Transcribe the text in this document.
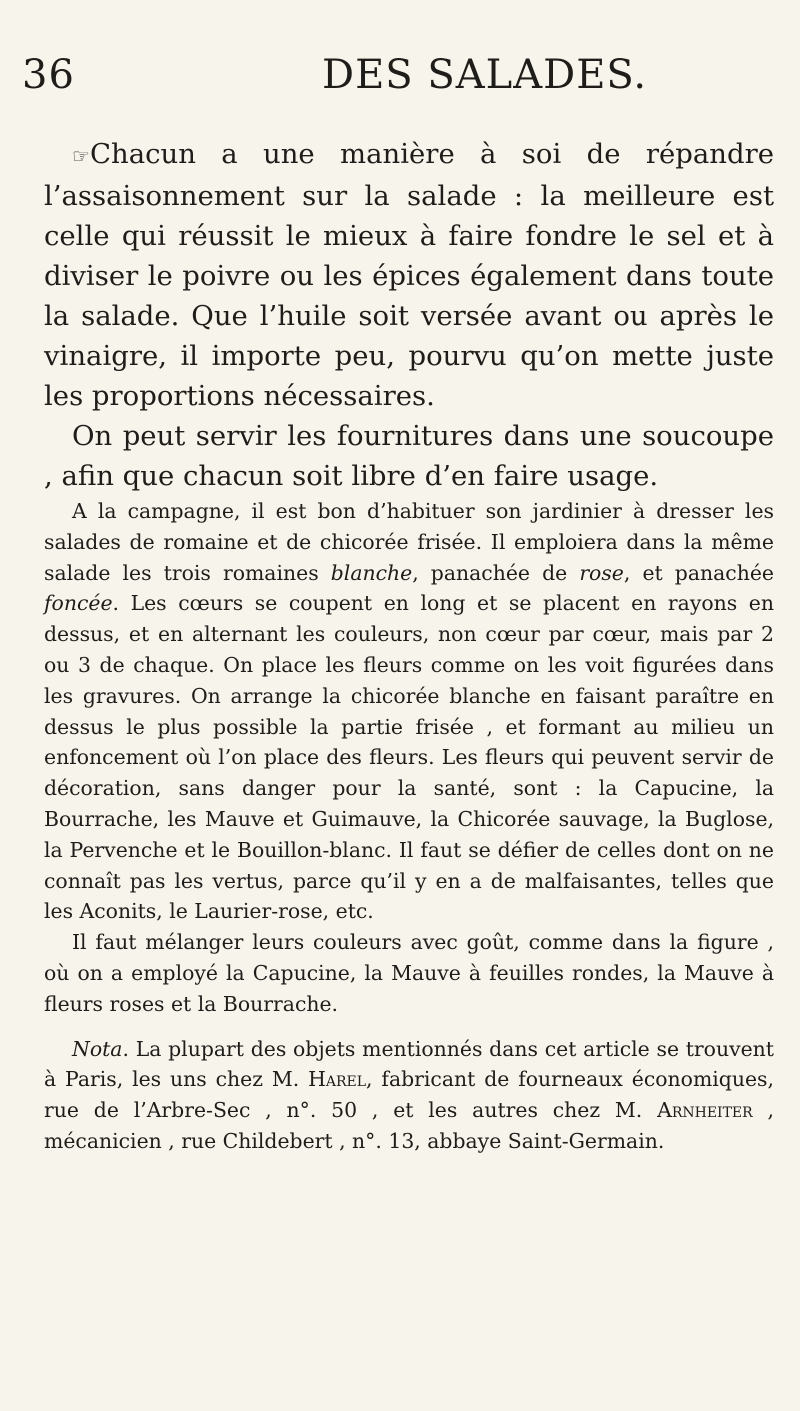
36	DES SALADES.

☞Chacun a une manière à soi de répandre l’assaisonnement sur la salade : la meilleure est celle qui réussit le mieux à faire fondre le sel et à diviser le poivre ou les épices également dans toute la salade. Que l’huile soit versée avant ou après le vinaigre, il importe peu, pourvu qu’on mette juste les proportions nécessaires.

On peut servir les fournitures dans une soucoupe , afin que chacun soit libre d’en faire usage.

A la campagne, il est bon d’habituer son jardinier à dresser les salades de romaine et de chicorée frisée. Il emploiera dans la même salade les trois romaines blanche, panachée de rose, et panachée foncée. Les cœurs se coupent en long et se placent en rayons en dessus, et en alternant les couleurs, non cœur par cœur, mais par 2 ou 3 de chaque. On place les fleurs comme on les voit figurées dans les gravures. On arrange la chicorée blanche en faisant paraître en dessus le plus possible la partie frisée , et formant au milieu un enfoncement où l’on place des fleurs. Les fleurs qui peuvent servir de décoration, sans danger pour la santé, sont : la Capucine, la Bourrache, les Mauve et Guimauve, la Chicorée sauvage, la Buglose, la Pervenche et le Bouillon-blanc. Il faut se défier de celles dont on ne connaît pas les vertus, parce qu’il y en a de malfaisantes, telles que les Aconits, le Laurier-rose, etc.

Il faut mélanger leurs couleurs avec goût, comme dans la figure , où on a employé la Capucine, la Mauve à feuilles rondes, la Mauve à fleurs roses et la Bourrache.

Nota. La plupart des objets mentionnés dans cet article se trouvent à Paris, les uns chez M. Harel, fabricant de fourneaux économiques, rue de l’Arbre-Sec , n°. 50 , et les autres chez M. Arnheiter , mécanicien , rue Childebert , n°. 13, abbaye Saint-Germain.
